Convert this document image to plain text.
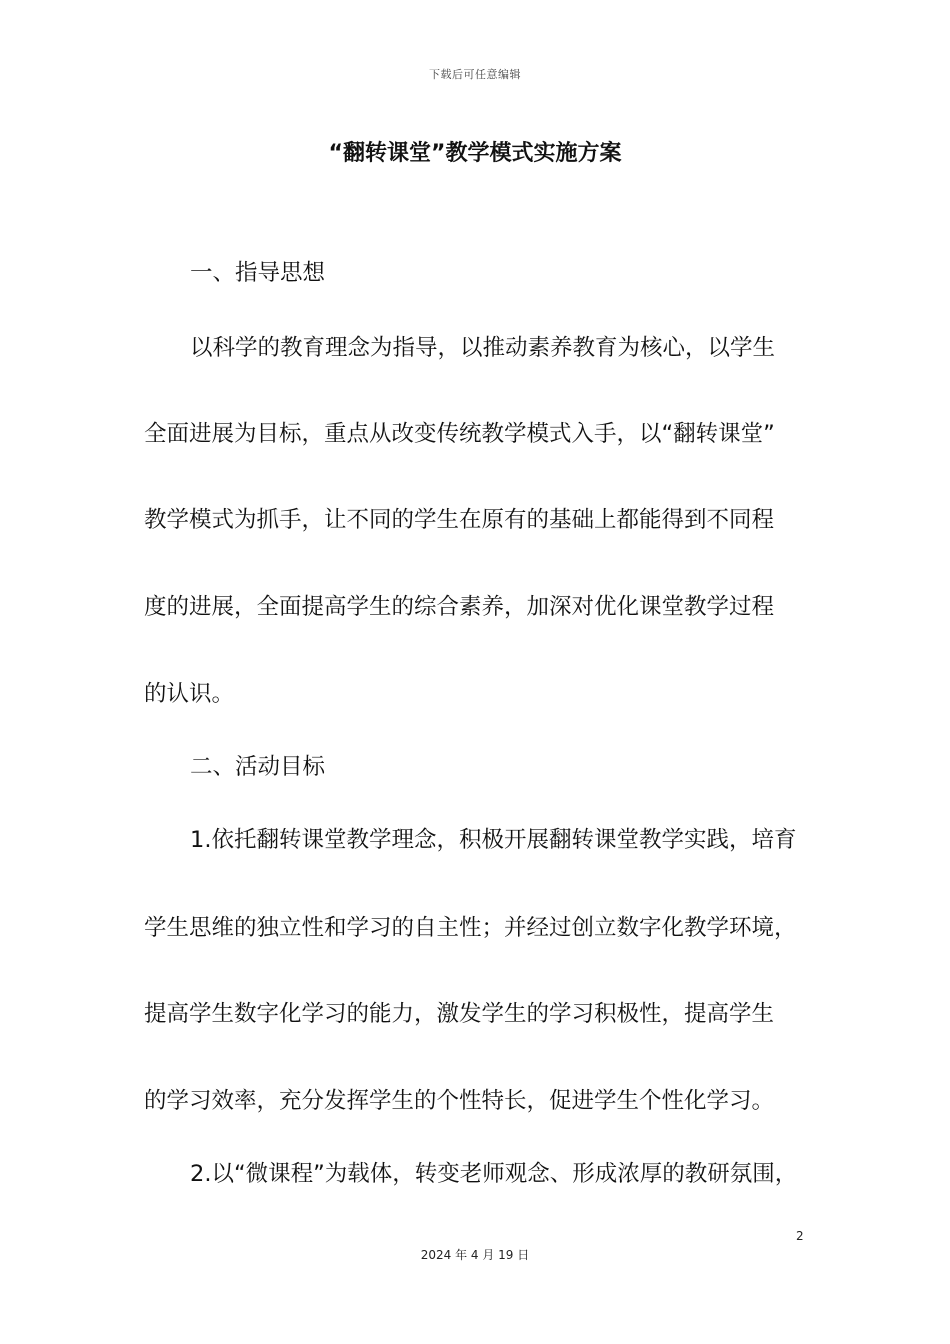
下载后可任意编辑
“翻转课堂”教学模式实施方案
一、指导思想
以科学的教育理念为指导，以推动素养教育为核心，以学生
全面进展为目标，重点从改变传统教学模式入手，以“翻转课堂”
教学模式为抓手，让不同的学生在原有的基础上都能得到不同程
度的进展，全面提高学生的综合素养，加深对优化课堂教学过程
的认识。
二、活动目标
1.依托翻转课堂教学理念，积极开展翻转课堂教学实践，培育
学生思维的独立性和学习的自主性；并经过创立数字化教学环境，
提高学生数字化学习的能力，激发学生的学习积极性，提高学生
的学习效率，充分发挥学生的个性特长，促进学生个性化学习。
2.以“微课程”为载体，转变老师观念、形成浓厚的教研氛围，
2
2024 年 4 月 19 日
